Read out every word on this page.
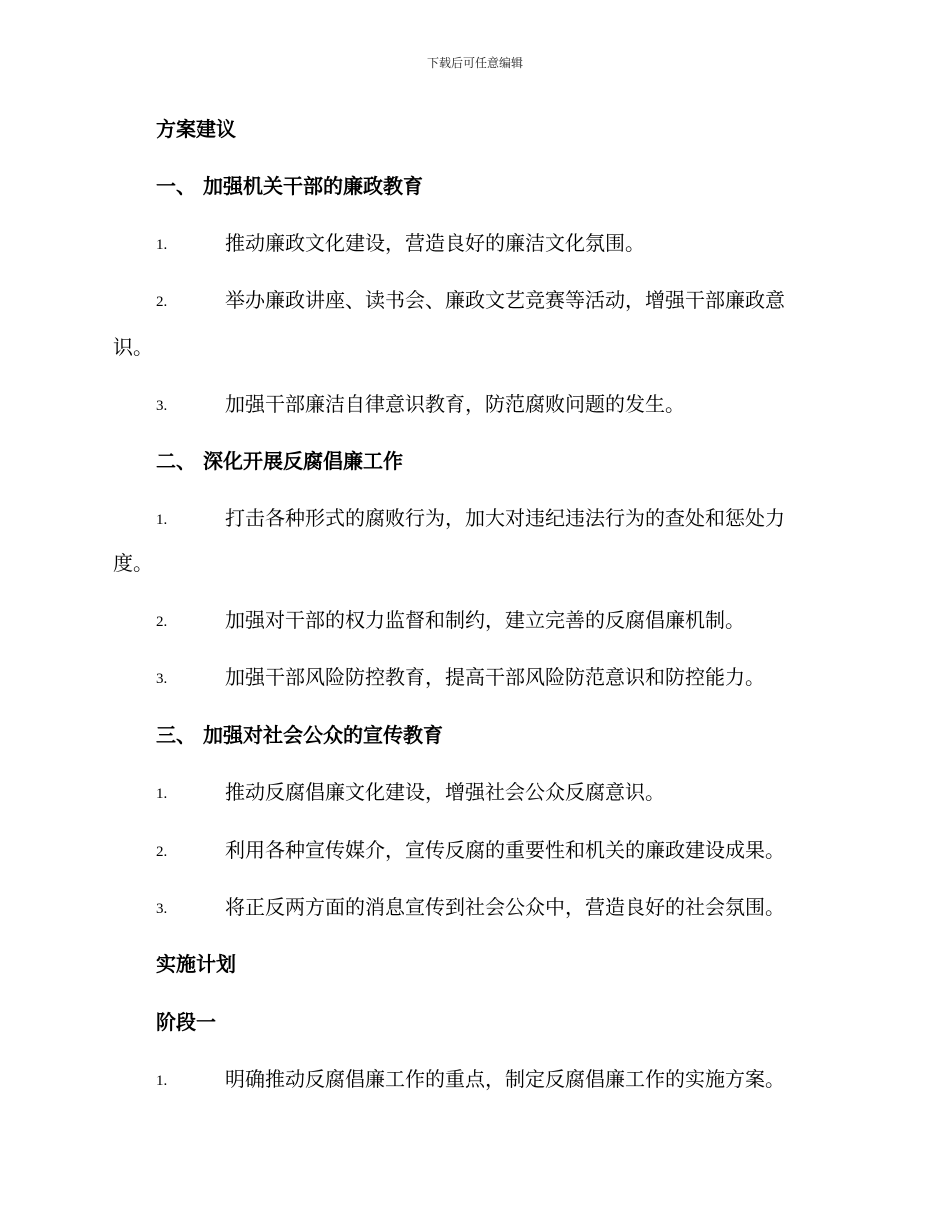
下载后可任意编辑
方案建议
一、 加强机关干部的廉政教育
1.	推动廉政文化建设，营造良好的廉洁文化氛围。
2.	举办廉政讲座、读书会、廉政文艺竞赛等活动，增强干部廉政意
识。
3.	加强干部廉洁自律意识教育，防范腐败问题的发生。
二、 深化开展反腐倡廉工作
1.	打击各种形式的腐败行为，加大对违纪违法行为的查处和惩处力
度。
2.	加强对干部的权力监督和制约，建立完善的反腐倡廉机制。
3.	加强干部风险防控教育，提高干部风险防范意识和防控能力。
三、 加强对社会公众的宣传教育
1.	推动反腐倡廉文化建设，增强社会公众反腐意识。
2.	利用各种宣传媒介，宣传反腐的重要性和机关的廉政建设成果。
3.	将正反两方面的消息宣传到社会公众中，营造良好的社会氛围。
实施计划
阶段一
1.	明确推动反腐倡廉工作的重点，制定反腐倡廉工作的实施方案。
